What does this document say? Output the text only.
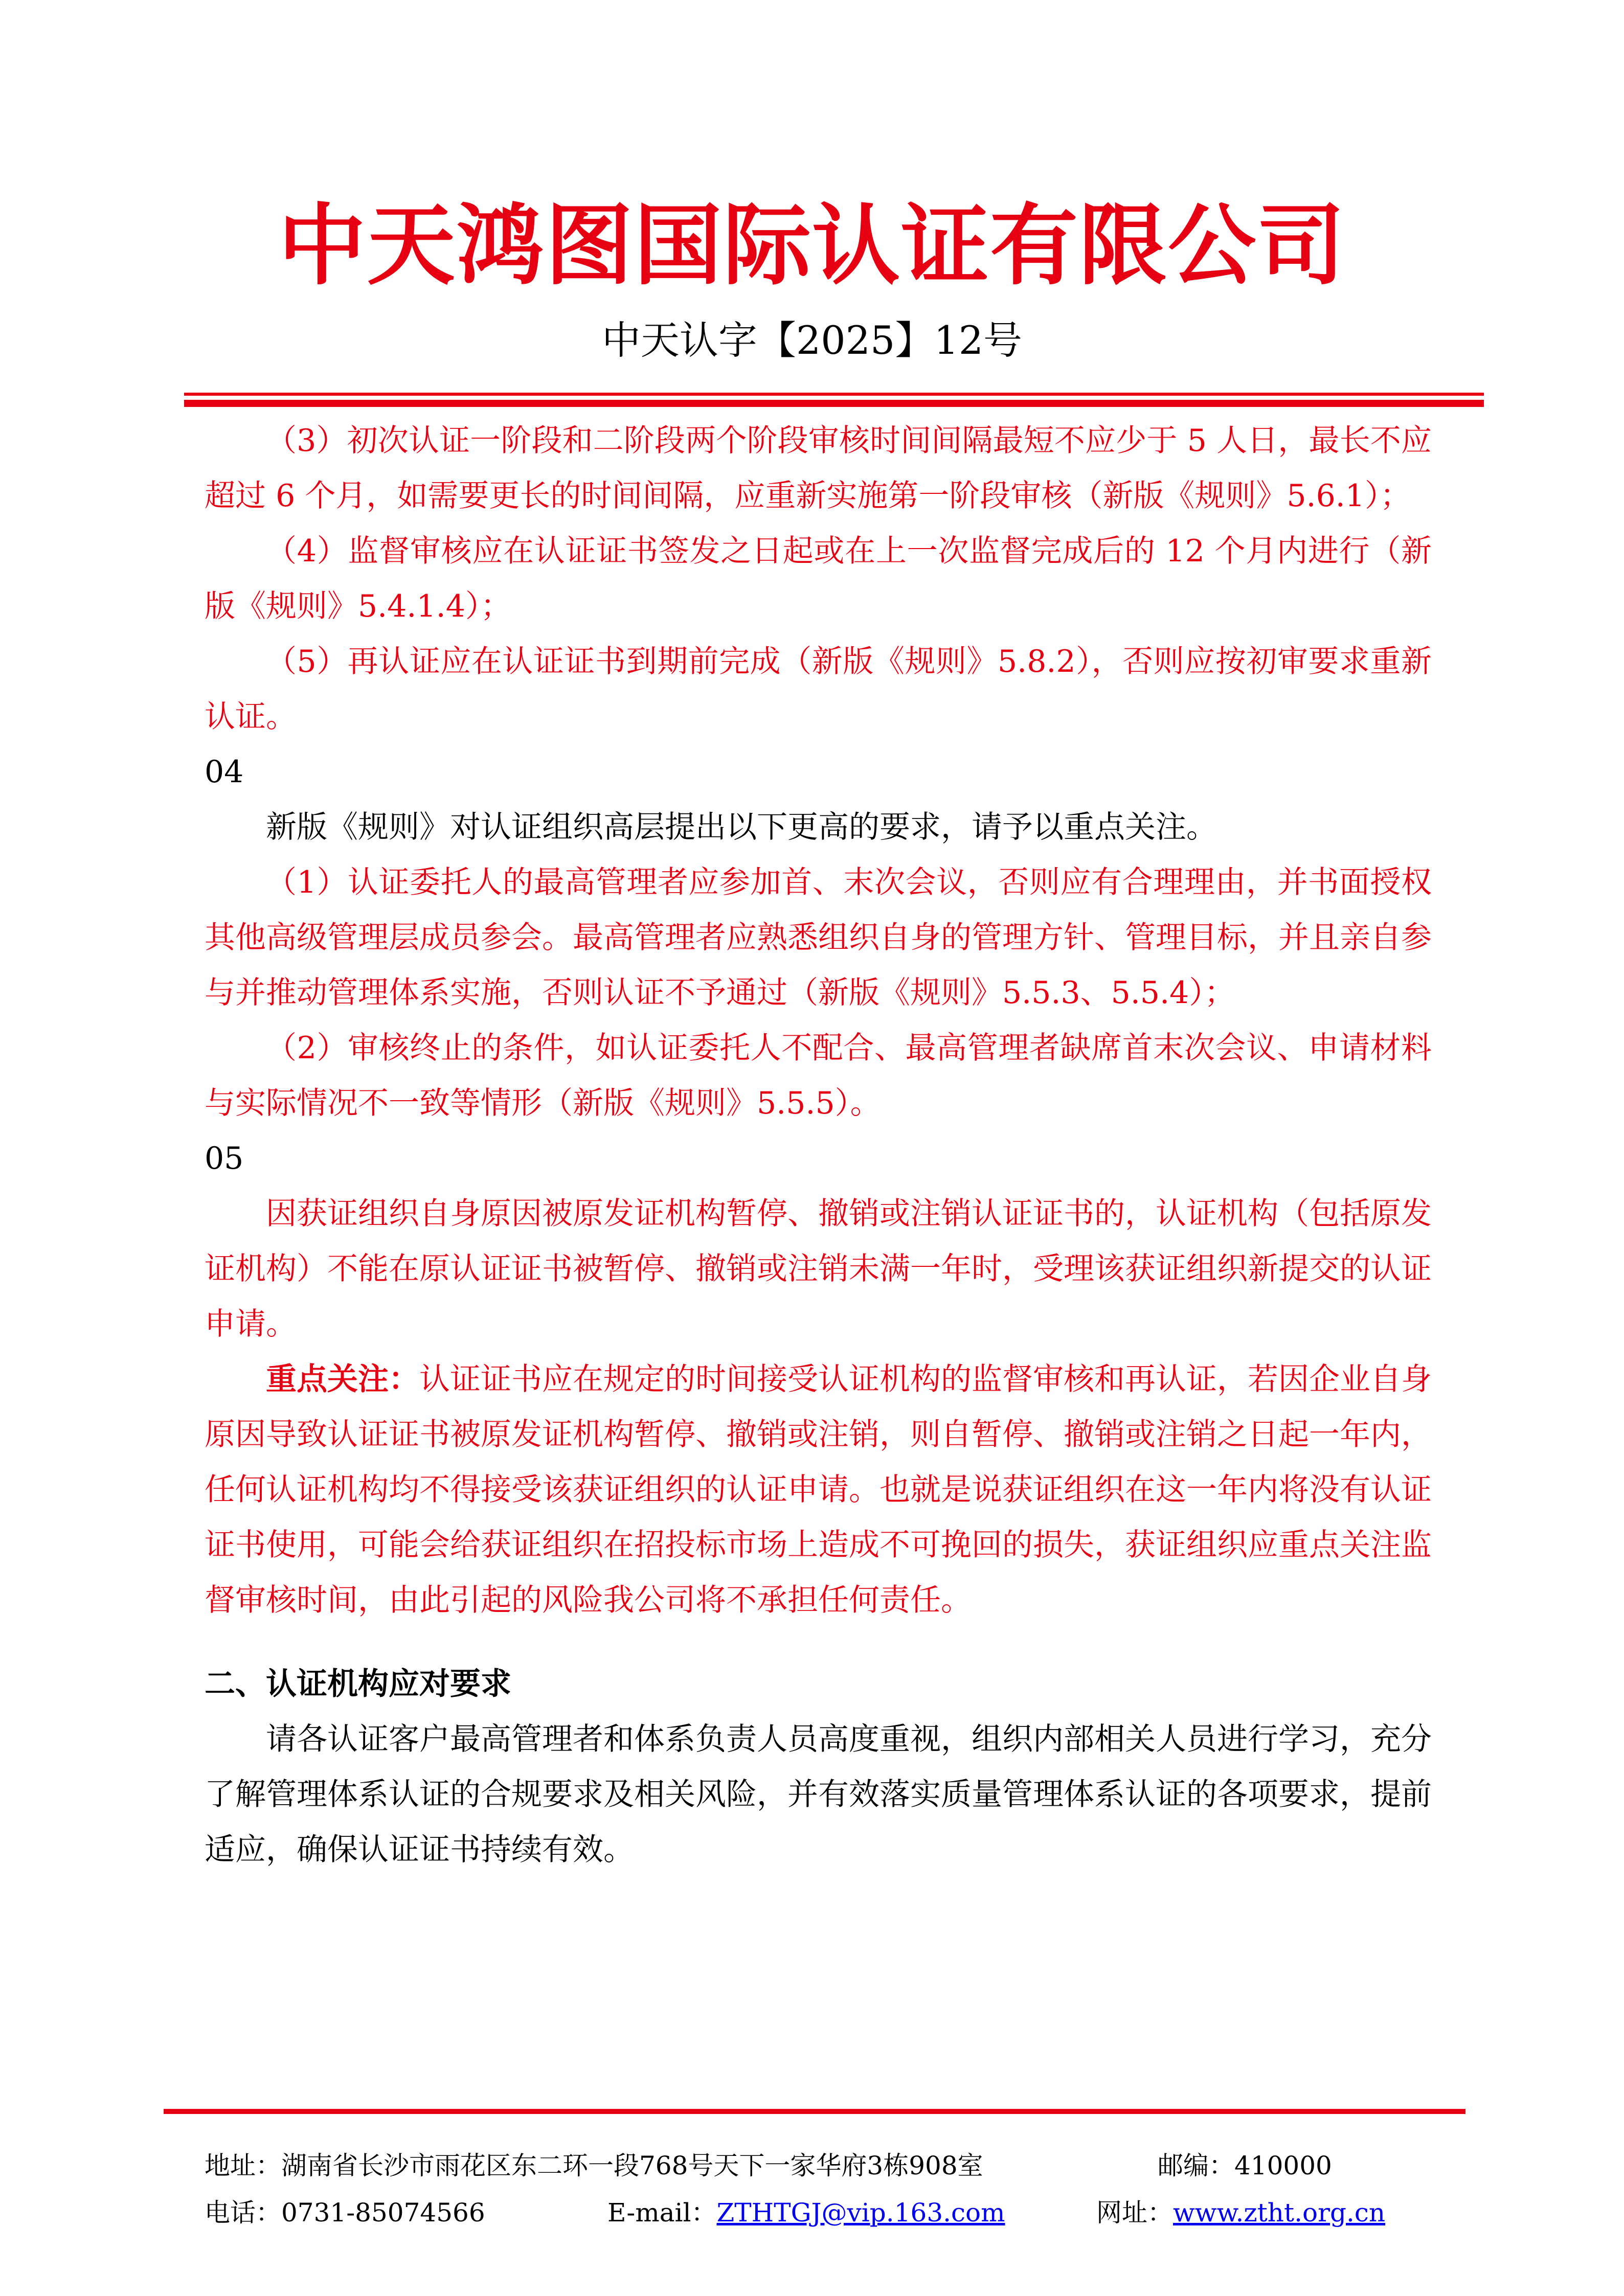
中天鸿图国际认证有限公司
中天认字【2025】12号

（3）初次认证一阶段和二阶段两个阶段审核时间间隔最短不应少于 5 人日，最长不应超过 6 个月，如需要更长的时间间隔，应重新实施第一阶段审核（新版《规则》5.6.1）；

（4）监督审核应在认证证书签发之日起或在上一次监督完成后的 12 个月内进行（新版《规则》5.4.1.4）；

（5）再认证应在认证证书到期前完成（新版《规则》5.8.2），否则应按初审要求重新认证。

04

新版《规则》对认证组织高层提出以下更高的要求，请予以重点关注。

（1）认证委托人的最高管理者应参加首、末次会议，否则应有合理理由，并书面授权其他高级管理层成员参会。最高管理者应熟悉组织自身的管理方针、管理目标，并且亲自参与并推动管理体系实施，否则认证不予通过（新版《规则》5.5.3、5.5.4）；

（2）审核终止的条件，如认证委托人不配合、最高管理者缺席首末次会议、申请材料与实际情况不一致等情形（新版《规则》5.5.5）。

05

因获证组织自身原因被原发证机构暂停、撤销或注销认证证书的，认证机构（包括原发证机构）不能在原认证证书被暂停、撤销或注销未满一年时，受理该获证组织新提交的认证申请。

重点关注：认证证书应在规定的时间接受认证机构的监督审核和再认证，若因企业自身原因导致认证证书被原发证机构暂停、撤销或注销，则自暂停、撤销或注销之日起一年内，任何认证机构均不得接受该获证组织的认证申请。也就是说获证组织在这一年内将没有认证证书使用，可能会给获证组织在招投标市场上造成不可挽回的损失，获证组织应重点关注监督审核时间，由此引起的风险我公司将不承担任何责任。

二、认证机构应对要求

请各认证客户最高管理者和体系负责人员高度重视，组织内部相关人员进行学习，充分了解管理体系认证的合规要求及相关风险，并有效落实质量管理体系认证的各项要求，提前适应，确保认证证书持续有效。

地址：湖南省长沙市雨花区东二环一段768号天下一家华府3栋908室	邮编：410000
电话：0731-85074566	E-mail：ZTHTGJ@vip.163.com	网址：www.ztht.org.cn
